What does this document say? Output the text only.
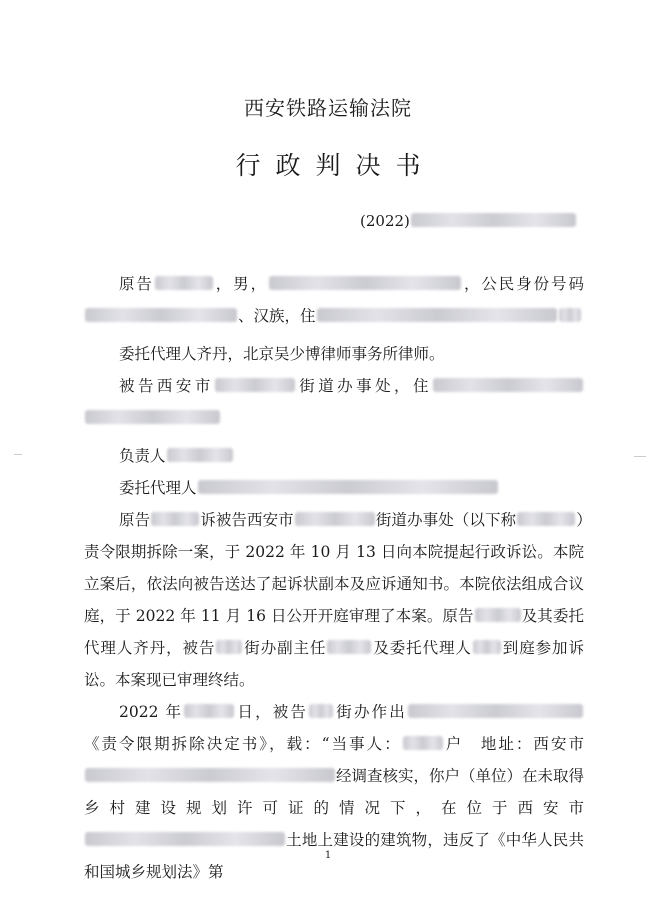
西安铁路运输法院
行政判决书
(2022)

原告	，男，	，公民身份号码、汉族，住

委托代理人齐丹，北京吴少博律师事务所律师。

被告西安市	街道办事处，住

负责人

委托代理人

原告	诉被告西安市	街道办事处（以下称	）责令限期拆除一案，于 2022 年 10 月 13 日向本院提起行政诉讼。本院立案后，依法向被告送达了起诉状副本及应诉通知书。本院依法组成合议庭，于 2022 年 11 月 16 日公开开庭审理了本案。原告	及其委托代理人齐丹，被告 街办副主任	及委托代理人 到庭参加诉讼。本案现已审理终结。

2022 年	日，被告 街办作出《责令限期拆除决定书》，载：“当事人：	户　地址：西安市经调查核实，你户（单位）在未取得乡村建设规划许可证的情况下，在位于西安市土地上建设的建筑物，违反了《中华人民共和国城乡规划法》第

1
